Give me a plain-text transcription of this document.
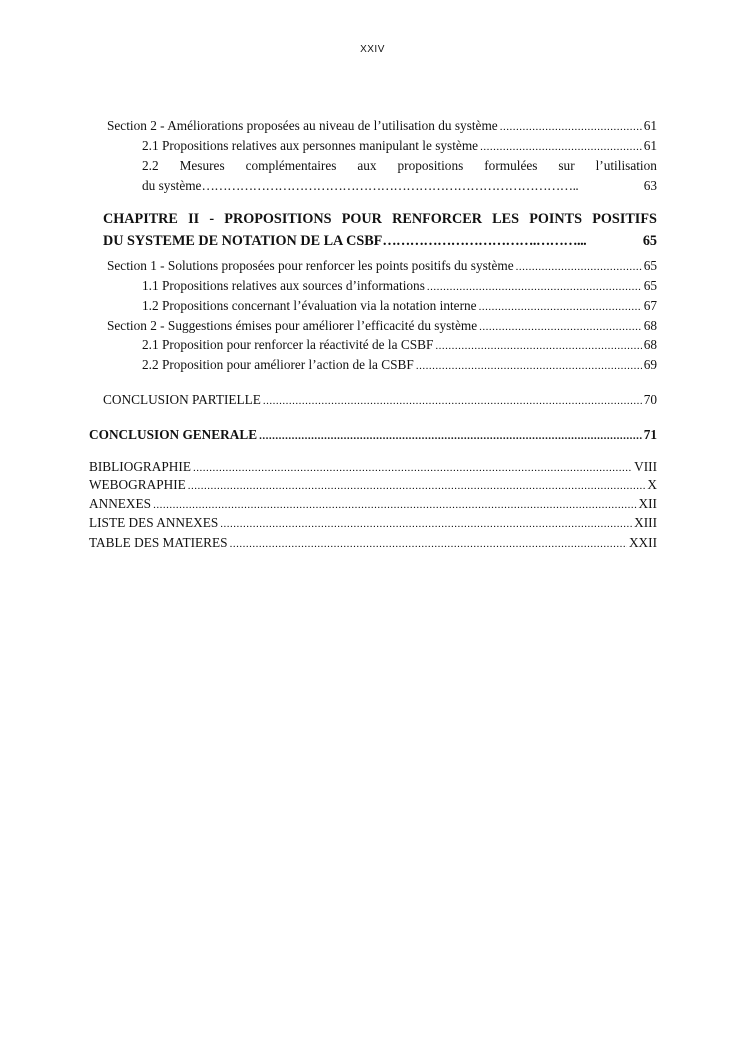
XXIV
Section 2 - Améliorations proposées au niveau de l’utilisation du système .....	61
2.1 Propositions relatives aux personnes manipulant le système .....	61
2.2 Mesures complémentaires aux propositions formulées sur l’utilisation
du système……………………………………………………………………………..	63
CHAPITRE II - PROPOSITIONS POUR RENFORCER LES POINTS POSITIFS
DU SYSTEME DE NOTATION DE LA CSBF…………………………….………...	65
Section 1 - Solutions proposées pour renforcer les points positifs du système .....	65
1.1 Propositions relatives aux sources d’informations .....	65
1.2 Propositions concernant l’évaluation via la notation interne .....	67
Section 2 - Suggestions émises pour améliorer l’efficacité du système .....	68
2.1 Proposition pour renforcer la réactivité de la CSBF .....	68
2.2 Proposition pour améliorer l’action de la CSBF .....	69
CONCLUSION PARTIELLE .....	70
CONCLUSION GENERALE .....	71
BIBLIOGRAPHIE .....	VIII
WEBOGRAPHIE .....	X
ANNEXES .....	XII
LISTE DES ANNEXES .....	XIII
TABLE DES MATIERES .....	XXII
